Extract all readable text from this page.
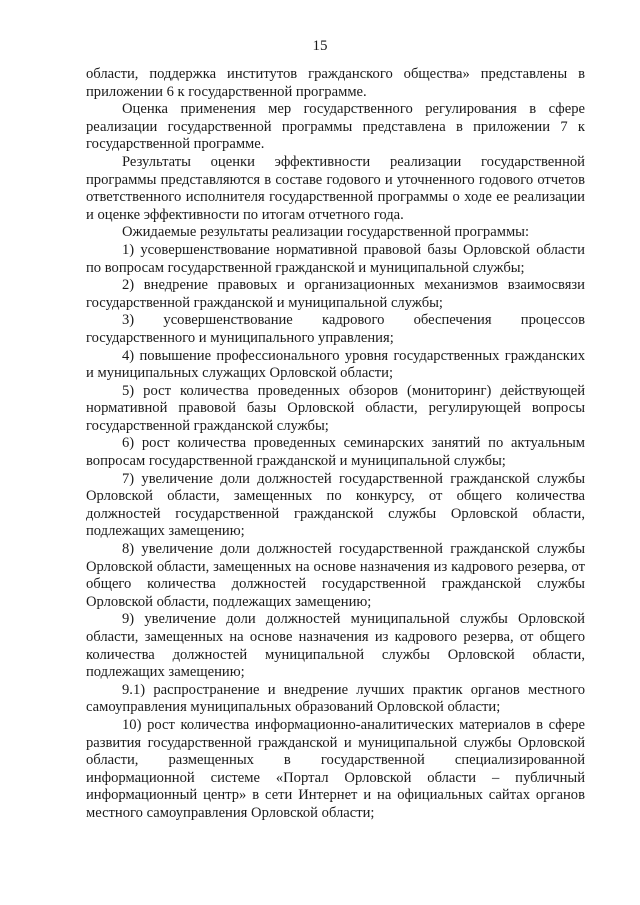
15

области, поддержка институтов гражданского общества» представлены в приложении 6 к государственной программе.

Оценка применения мер государственного регулирования в сфере реализации государственной программы представлена в приложении 7 к государственной программе.

Результаты оценки эффективности реализации государственной программы представляются в составе годового и уточненного годового отчетов ответственного исполнителя государственной программы о ходе ее реализации и оценке эффективности по итогам отчетного года.

Ожидаемые результаты реализации государственной программы:

1) усовершенствование нормативной правовой базы Орловской области по вопросам государственной гражданской и муниципальной службы;

2) внедрение правовых и организационных механизмов взаимосвязи государственной гражданской и муниципальной службы;

3) усовершенствование кадрового обеспечения процессов государственного и муниципального управления;

4) повышение профессионального уровня государственных гражданских и муниципальных служащих Орловской области;

5) рост количества проведенных обзоров (мониторинг) действующей нормативной правовой базы Орловской области, регулирующей вопросы государственной гражданской службы;

6) рост количества проведенных семинарских занятий по актуальным вопросам государственной гражданской и муниципальной службы;

7) увеличение доли должностей государственной гражданской службы Орловской области, замещенных по конкурсу, от общего количества должностей государственной гражданской службы Орловской области, подлежащих замещению;

8) увеличение доли должностей государственной гражданской службы Орловской области, замещенных на основе назначения из кадрового резерва, от общего количества должностей государственной гражданской службы Орловской области, подлежащих замещению;

9) увеличение доли должностей муниципальной службы Орловской области, замещенных на основе назначения из кадрового резерва, от общего количества должностей муниципальной службы Орловской области, подлежащих замещению;

9.1) распространение и внедрение лучших практик органов местного самоуправления муниципальных образований Орловской области;

10) рост количества информационно-аналитических материалов в сфере развития государственной гражданской и муниципальной службы Орловской области, размещенных в государственной специализированной информационной системе «Портал Орловской области – публичный информационный центр» в сети Интернет и на официальных сайтах органов местного самоуправления Орловской области;
